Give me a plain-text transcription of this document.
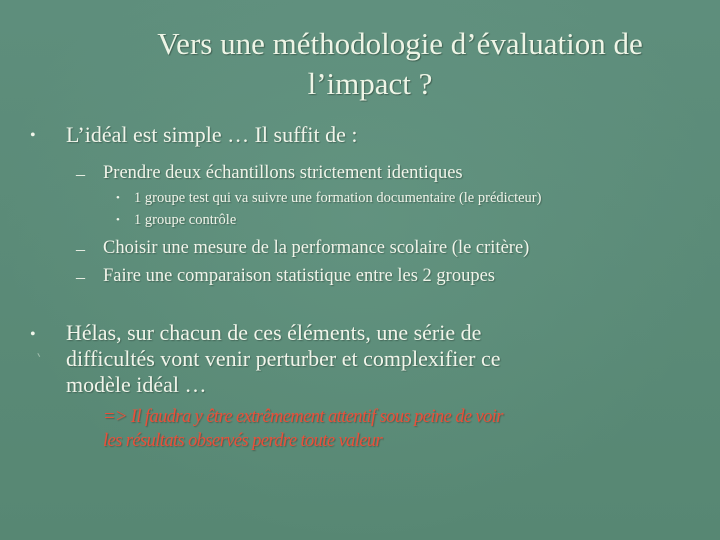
Vers une méthodologie d’évaluation de
l’impact ?
• L’idéal est simple … Il suffit de :
– Prendre deux échantillons strictement identiques
• 1 groupe test qui va suivre une formation documentaire (le prédicteur)
• 1 groupe contrôle
– Choisir une mesure de la performance scolaire (le critère)
– Faire une comparaison statistique entre les 2 groupes
• Hélas, sur chacun de ces éléments, une série de
difficultés vont venir perturber et complexifier ce
modèle idéal …
=> Il faudra y être extrêmement attentif sous peine de voir
les résultats observés perdre toute valeur
